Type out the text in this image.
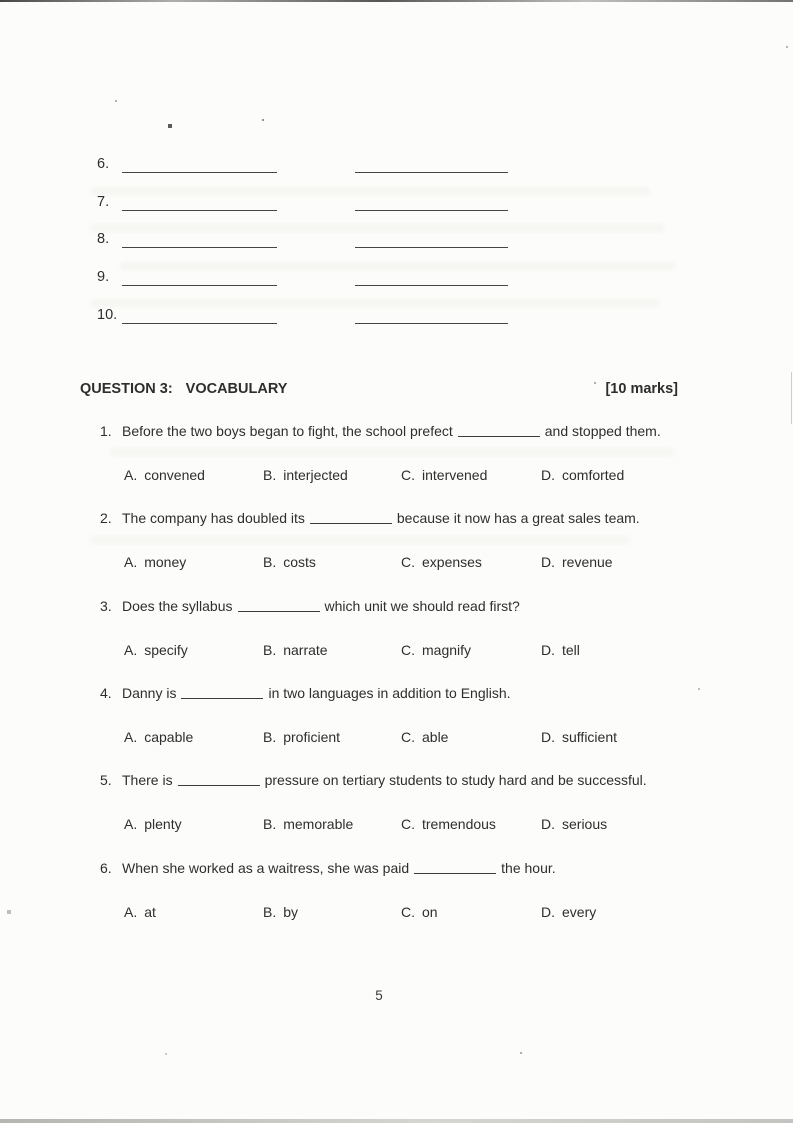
6.
7.
8.
9.
10.
QUESTION 3: VOCABULARY	[10 marks]
1. Before the two boys began to fight, the school prefect	and stopped them.
A. convened	B. interjected	C. intervened	D. comforted
2. The company has doubled its	because it now has a great sales team.
A. money	B. costs	C. expenses	D. revenue
3. Does the syllabus	which unit we should read first?
A. specify	B. narrate	C. magnify	D. tell
4. Danny is	in two languages in addition to English.
A. capable	B. proficient	C. able	D. sufficient
5. There is	pressure on tertiary students to study hard and be successful.
A. plenty	B. memorable	C. tremendous	D. serious
6. When she worked as a waitress, she was paid	the hour.
A. at	B. by	C. on	D. every
5
